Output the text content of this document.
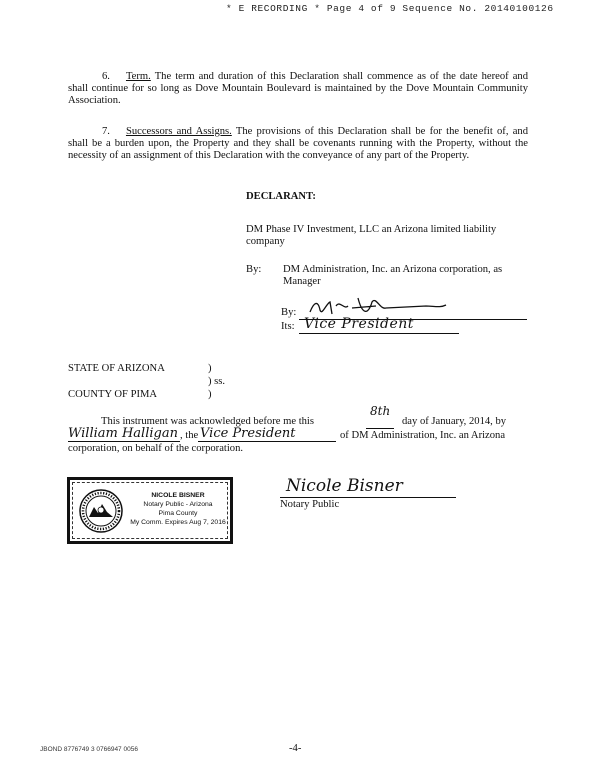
* E RECORDING * Page 4 of 9 Sequence No. 20140100126

6. Term. The term and duration of this Declaration shall commence as of the date hereof and shall continue for so long as Dove Mountain Boulevard is maintained by the Dove Mountain Community Association.

7. Successors and Assigns. The provisions of this Declaration shall be for the benefit of, and shall be a burden upon, the Property and they shall be covenants running with the Property, without the necessity of an assignment of this Declaration with the conveyance of any part of the Property.

DECLARANT:
DM Phase IV Investment, LLC an Arizona limited liability
company
By: DM Administration, Inc. an Arizona corporation, as
Manager
By:
Its: Vice President
STATE OF ARIZONA	)
) ss.
COUNTY OF PIMA	)
This instrument was acknowledged before me this
8th
day of January, 2014, by
William Halligan , the Vice President	of DM Administration, Inc. an Arizona
corporation, on behalf of the corporation.
Nicole Bisner
Notary Public
NICOLE BISNER
Notary Public - Arizona
Pima County
My Comm. Expires Aug 7, 2016
JBOND 8776749 3 0766947 0056	-4-
